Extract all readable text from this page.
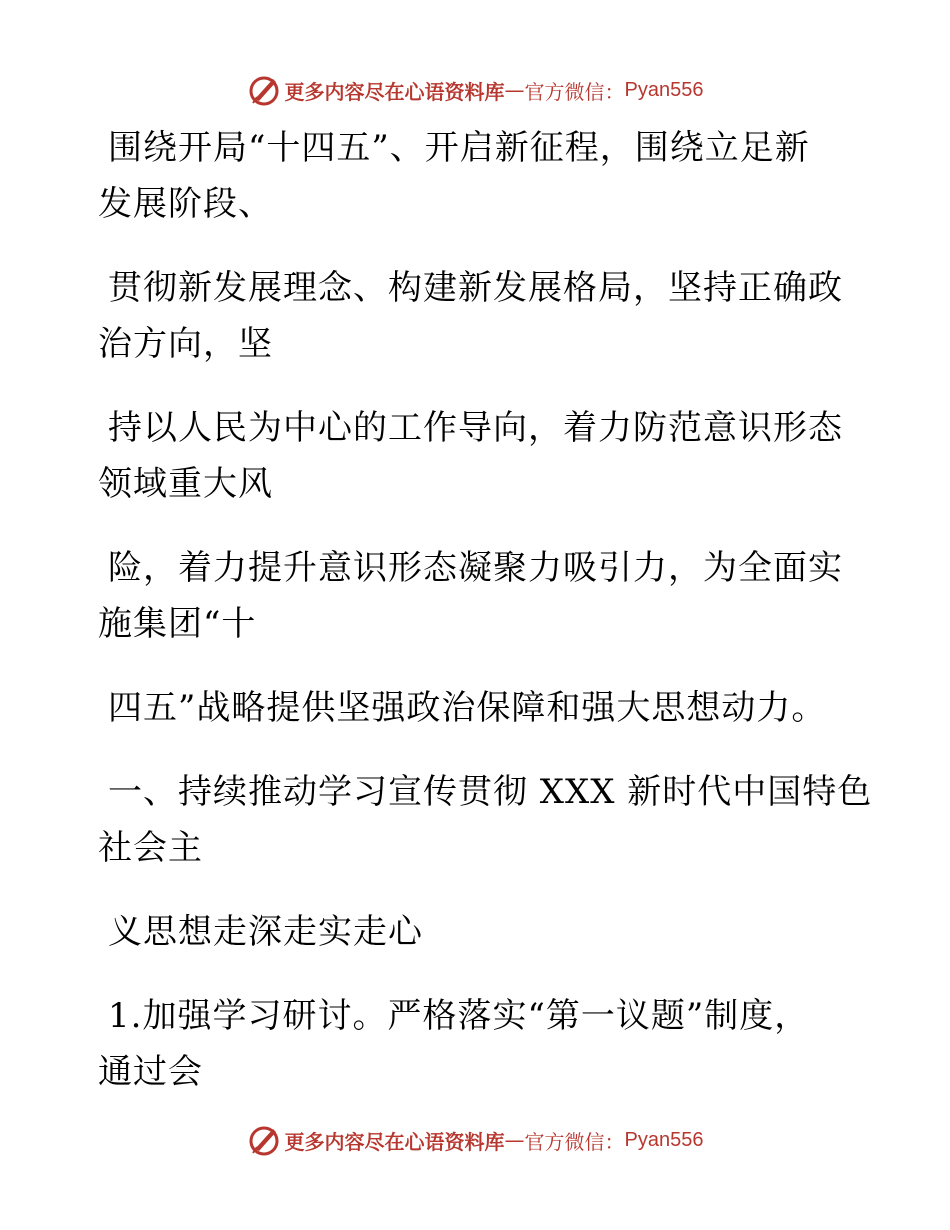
更多内容尽在心语资料库 — 官方微信： Pyan556
围绕开局“十四五”、开启新征程，围绕立足新
发展阶段、
贯彻新发展理念、构建新发展格局，坚持正确政
治方向，坚
持以人民为中心的工作导向，着力防范意识形态
领域重大风
险，着力提升意识形态凝聚力吸引力，为全面实
施集团“十
四五”战略提供坚强政治保障和强大思想动力。
一、持续推动学习宣传贯彻 XXX 新时代中国特色
社会主
义思想走深走实走心
1.加强学习研讨。严格落实“第一议题”制度，
通过会
更多内容尽在心语资料库 — 官方微信： Pyan556
